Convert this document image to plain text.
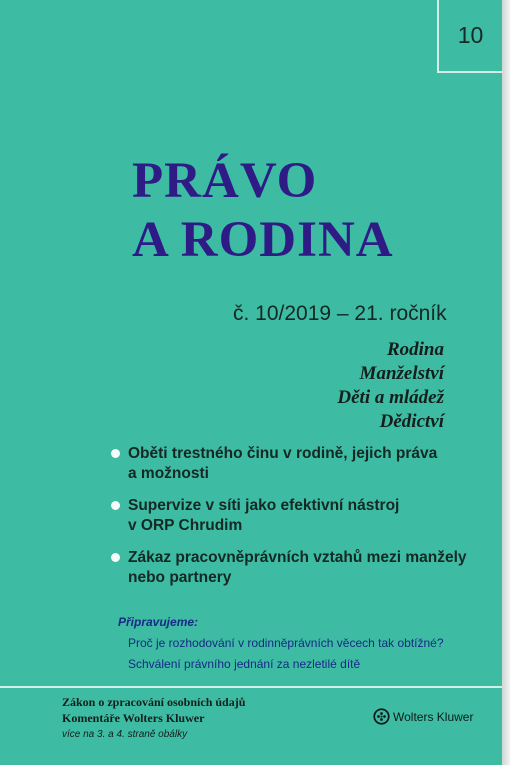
10
PRÁVO
A RODINA
č. 10/2019 – 21. ročník
Rodina
Manželství
Děti a mládež
Dědictví
Oběti trestného činu v rodině, jejich práva
a možnosti
Supervize v síti jako efektivní nástroj
v ORP Chrudim
Zákaz pracovněprávních vztahů mezi manžely
nebo partnery
Připravujeme:
Proč je rozhodování v rodinněprávních věcech tak obtížné?
Schválení právního jednání za nezletilé dítě
Zákon o zpracování osobních údajů
Komentáře Wolters Kluwer
více na 3. a 4. straně obálky
Wolters Kluwer
